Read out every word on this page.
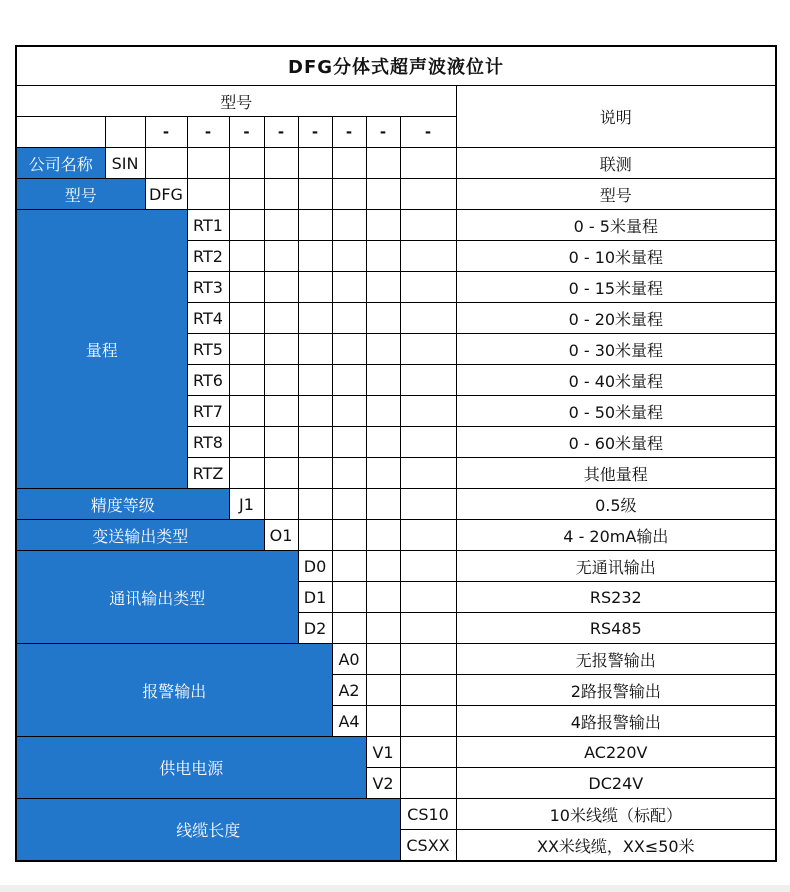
DFG分体式超声波液位计										
型号										说明
		-	-	-	-	-	-	-	-	
公司名称	SIN									联测
型号		DFG								型号
量程			RT1							0 - 5米量程
			RT2							0 - 10米量程
			RT3							0 - 15米量程
			RT4							0 - 20米量程
			RT5							0 - 30米量程
			RT6							0 - 40米量程
			RT7							0 - 50米量程
			RT8							0 - 60米量程
			RTZ							其他量程
精度等级				J1						0.5级
变送输出类型					O1					4 - 20mA输出
通讯输出类型						D0				无通讯输出
						D1				RS232
						D2				RS485
报警输出							A0			无报警输出
							A2			2路报警输出
							A4			4路报警输出
供电电源								V1		AC220V
								V2		DC24V
线缆长度									CS10	10米线缆（标配）
									CSXX	XX米线缆，XX≤50米
